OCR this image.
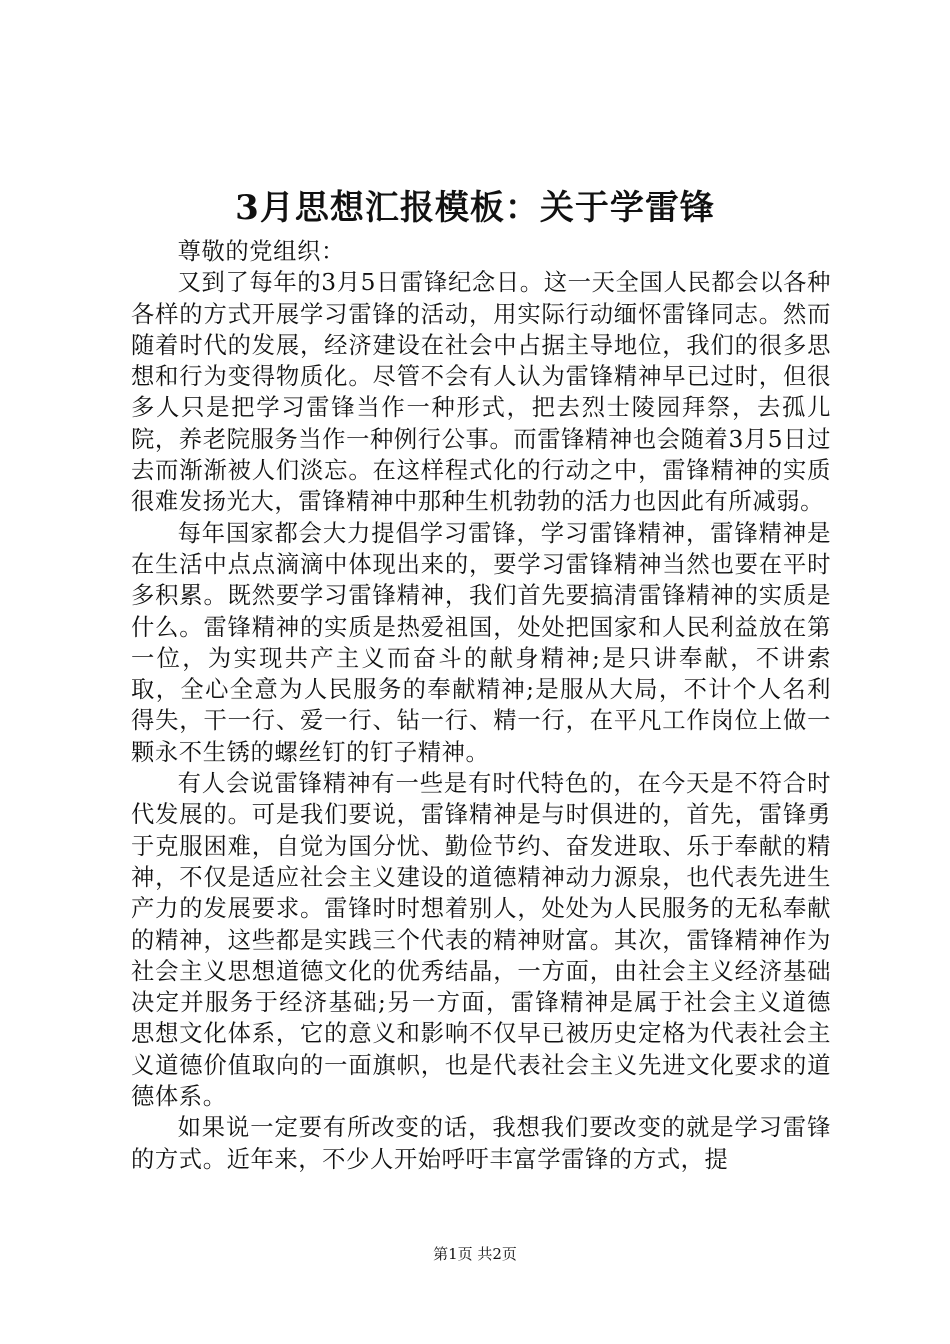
3月思想汇报模板：关于学雷锋

尊敬的党组织：

又到了每年的3月5日雷锋纪念日。这一天全国人民都会以各种各样的方式开展学习雷锋的活动，用实际行动缅怀雷锋同志。然而随着时代的发展，经济建设在社会中占据主导地位，我们的很多思想和行为变得物质化。尽管不会有人认为雷锋精神早已过时，但很多人只是把学习雷锋当作一种形式，把去烈士陵园拜祭，去孤儿院，养老院服务当作一种例行公事。而雷锋精神也会随着3月5日过去而渐渐被人们淡忘。在这样程式化的行动之中，雷锋精神的实质很难发扬光大，雷锋精神中那种生机勃勃的活力也因此有所减弱。

每年国家都会大力提倡学习雷锋，学习雷锋精神，雷锋精神是在生活中点点滴滴中体现出来的，要学习雷锋精神当然也要在平时多积累。既然要学习雷锋精神，我们首先要搞清雷锋精神的实质是什么。雷锋精神的实质是热爱祖国，处处把国家和人民利益放在第一位，为实现共产主义而奋斗的献身精神;是只讲奉献，不讲索取，全心全意为人民服务的奉献精神;是服从大局，不计个人名利得失，干一行、爱一行、钻一行、精一行，在平凡工作岗位上做一颗永不生锈的螺丝钉的钉子精神。

有人会说雷锋精神有一些是有时代特色的，在今天是不符合时代发展的。可是我们要说，雷锋精神是与时俱进的，首先，雷锋勇于克服困难，自觉为国分忧、勤俭节约、奋发进取、乐于奉献的精神，不仅是适应社会主义建设的道德精神动力源泉，也代表先进生产力的发展要求。雷锋时时想着别人，处处为人民服务的无私奉献的精神，这些都是实践三个代表的精神财富。其次，雷锋精神作为社会主义思想道德文化的优秀结晶，一方面，由社会主义经济基础决定并服务于经济基础;另一方面，雷锋精神是属于社会主义道德思想文化体系，它的意义和影响不仅早已被历史定格为代表社会主义道德价值取向的一面旗帜，也是代表社会主义先进文化要求的道德体系。

如果说一定要有所改变的话，我想我们要改变的就是学习雷锋的方式。近年来，不少人开始呼吁丰富学雷锋的方式，提

第1页 共2页
